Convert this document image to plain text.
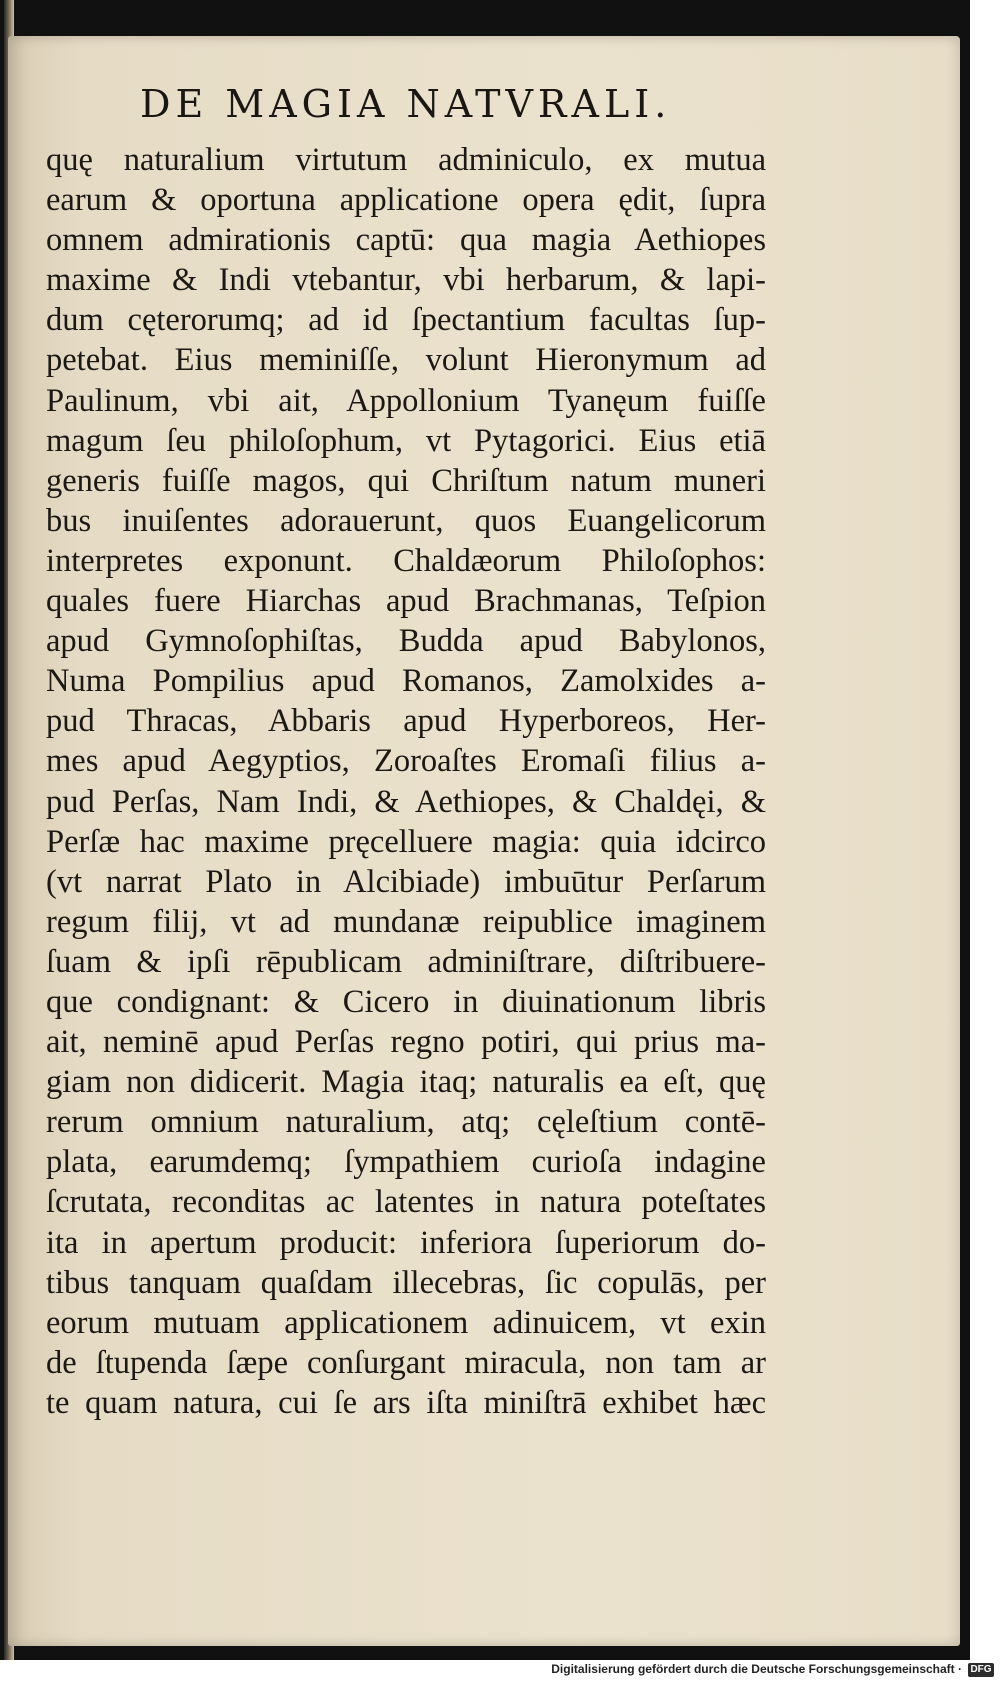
DE MAGIA NATVRALI.
quę naturalium virtutum adminiculo, ex mutua
earum & oportuna applicatione opera ędit, ſupra
omnem admirationis captū: qua magia Aethiopes
maxime & Indi vtebantur, vbi herbarum, & lapi-
dum cęterorumq; ad id ſpectantium facultas ſup-
petebat. Eius meminiſſe, volunt Hieronymum ad
Paulinum, vbi ait, Appollonium Tyanęum fuiſſe
magum ſeu philoſophum, vt Pytagorici. Eius etiā
generis fuiſſe magos, qui Chriſtum natum muneri
bus inuiſentes adorauerunt, quos Euangelicorum
interpretes exponunt. Chaldæorum Philoſophos:
quales fuere Hiarchas apud Brachmanas, Teſpion
apud Gymnoſophiſtas, Budda apud Babylonos,
Numa Pompilius apud Romanos, Zamolxides a-
pud Thracas, Abbaris apud Hyperboreos, Her-
mes apud Aegyptios, Zoroaſtes Eromaſi filius a-
pud Perſas, Nam Indi, & Aethiopes, & Chaldęi, &
Perſæ hac maxime pręcelluere magia: quia idcirco
(vt narrat Plato in Alcibiade) imbuūtur Perſarum
regum filij, vt ad mundanæ reipublice imaginem
ſuam & ipſi rēpublicam adminiſtrare, diſtribuere-
que condignant: & Cicero in diuinationum libris
ait, neminē apud Perſas regno potiri, qui prius ma-
giam non didicerit. Magia itaq; naturalis ea eſt, quę
rerum omnium naturalium, atq; cęleſtium contē-
plata, earumdemq; ſympathiem curioſa indagine
ſcrutata, reconditas ac latentes in natura poteſtates
ita in apertum producit: inferiora ſuperiorum do-
tibus tanquam quaſdam illecebras, ſic copulās, per
eorum mutuam applicationem adinuicem, vt exin
de ſtupenda ſæpe conſurgant miracula, non tam ar
te quam natura, cui ſe ars iſta miniſtrā exhibet hæc
Digitalisierung gefördert durch die Deutsche Forschungsgemeinschaft · DFG
